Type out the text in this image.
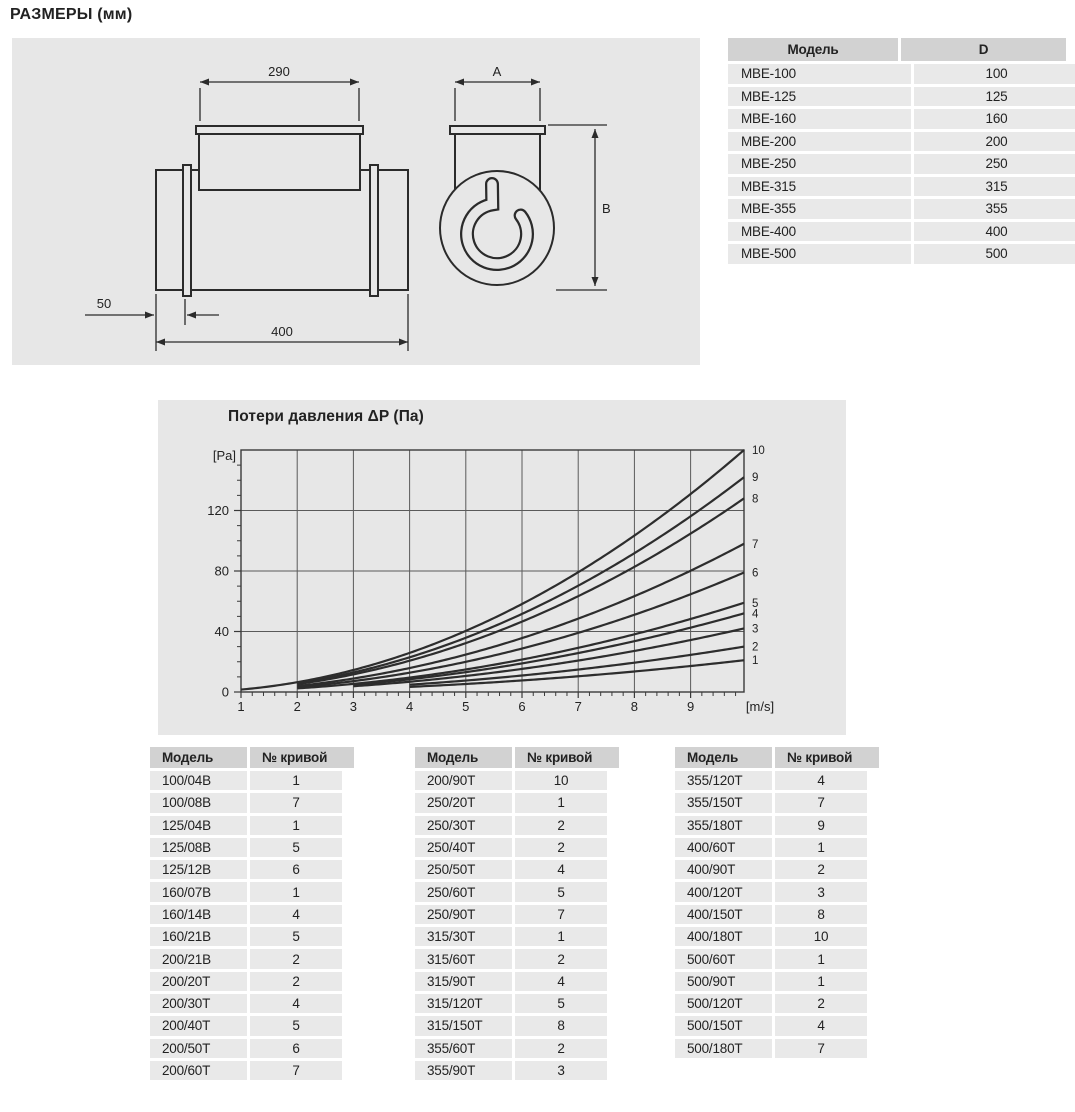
РАЗМЕРЫ (мм)
290	A
B
50
400
Модель	D
МВЕ-100	100
МВЕ-125	125
МВЕ-160	160
МВЕ-200	200
МВЕ-250	250
МВЕ-315	315
МВЕ-355	355
МВЕ-400	400
МВЕ-500	500
Потери давления ΔP (Па)
0
40
80
120
[Pa]
1	2	3	4	5	6	7	8	9	[m/s]
1
2
3
4
5
6
7
8
9
10
Модель	№ кривой
100/04В	1
100/08В	7
125/04В	1
125/08В	5
125/12В	6
160/07В	1
160/14В	4
160/21В	5
200/21В	2
200/20Т	2
200/30Т	4
200/40Т	5
200/50Т	6
200/60Т	7
Модель	№ кривой
200/90Т	10
250/20Т	1
250/30Т	2
250/40Т	2
250/50Т	4
250/60Т	5
250/90Т	7
315/30Т	1
315/60Т	2
315/90Т	4
315/120Т	5
315/150Т	8
355/60Т	2
355/90Т	3
Модель	№ кривой
355/120Т	4
355/150Т	7
355/180Т	9
400/60Т	1
400/90Т	2
400/120Т	3
400/150Т	8
400/180Т	10
500/60Т	1
500/90Т	1
500/120Т	2
500/150Т	4
500/180Т	7
